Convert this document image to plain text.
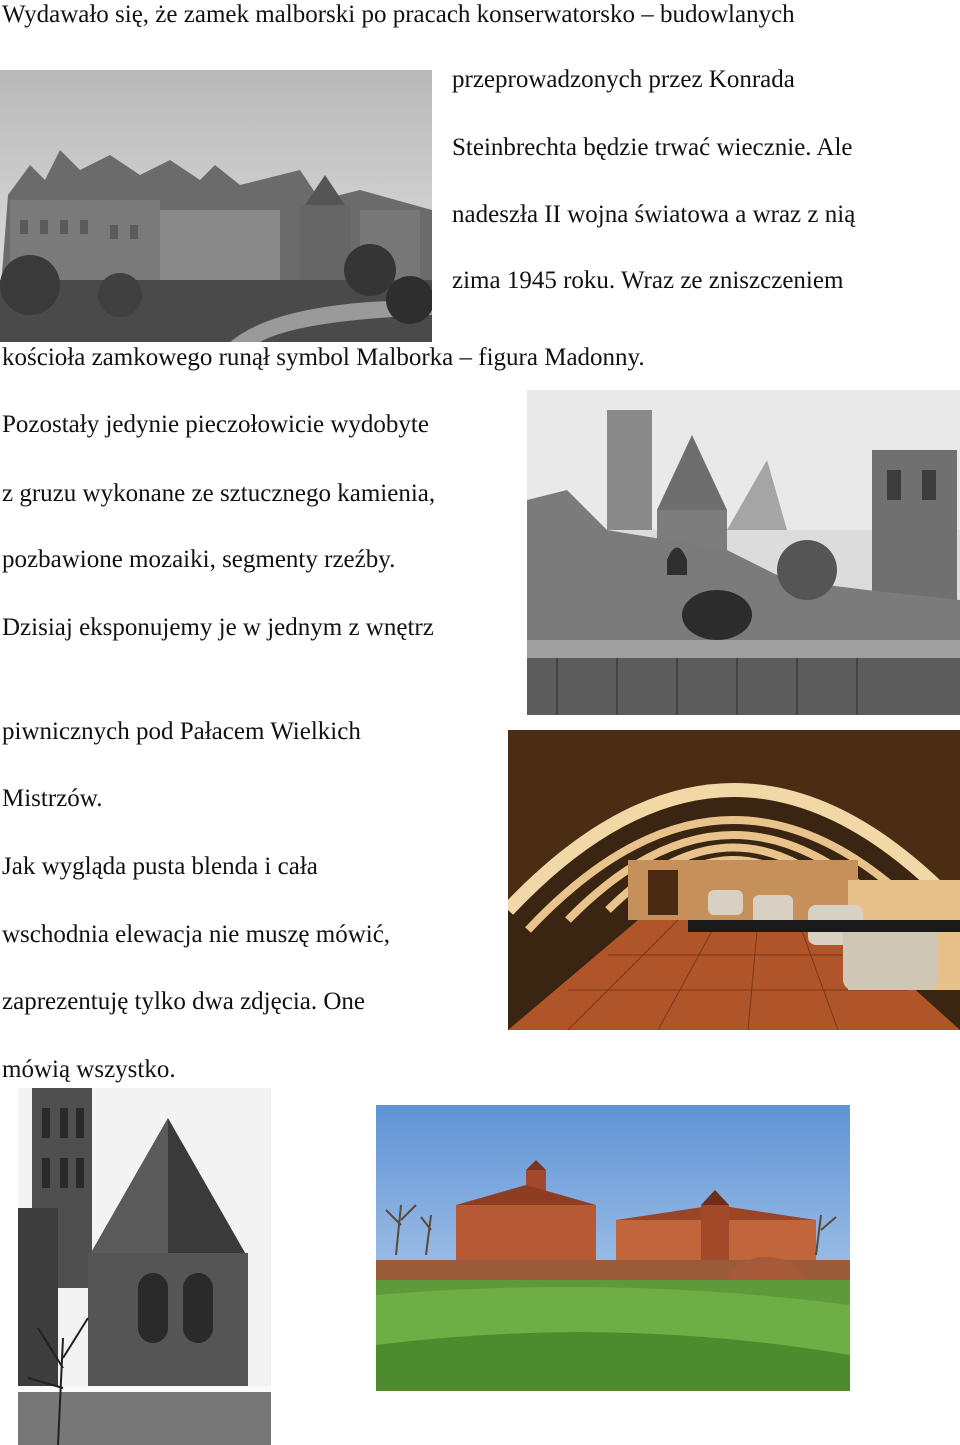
Wydawało się, że zamek malborski po pracach konserwatorsko – budowlanych

przeprowadzonych przez Konrada

Steinbrechta będzie trwać wiecznie. Ale

nadeszła II wojna światowa a wraz z nią

zima 1945 roku. Wraz ze zniszczeniem

kościoła zamkowego runął symbol Malborka – figura Madonny.

Pozostały jedynie pieczołowicie wydobyte

z gruzu wykonane ze sztucznego kamienia,

pozbawione mozaiki, segmenty rzeźby.

Dzisiaj eksponujemy je w jednym z wnętrz

piwnicznych pod Pałacem Wielkich

Mistrzów.

Jak wygląda pusta blenda i cała

wschodnia elewacja nie muszę mówić,

zaprezentuję tylko dwa zdjęcia. One

mówią wszystko.
